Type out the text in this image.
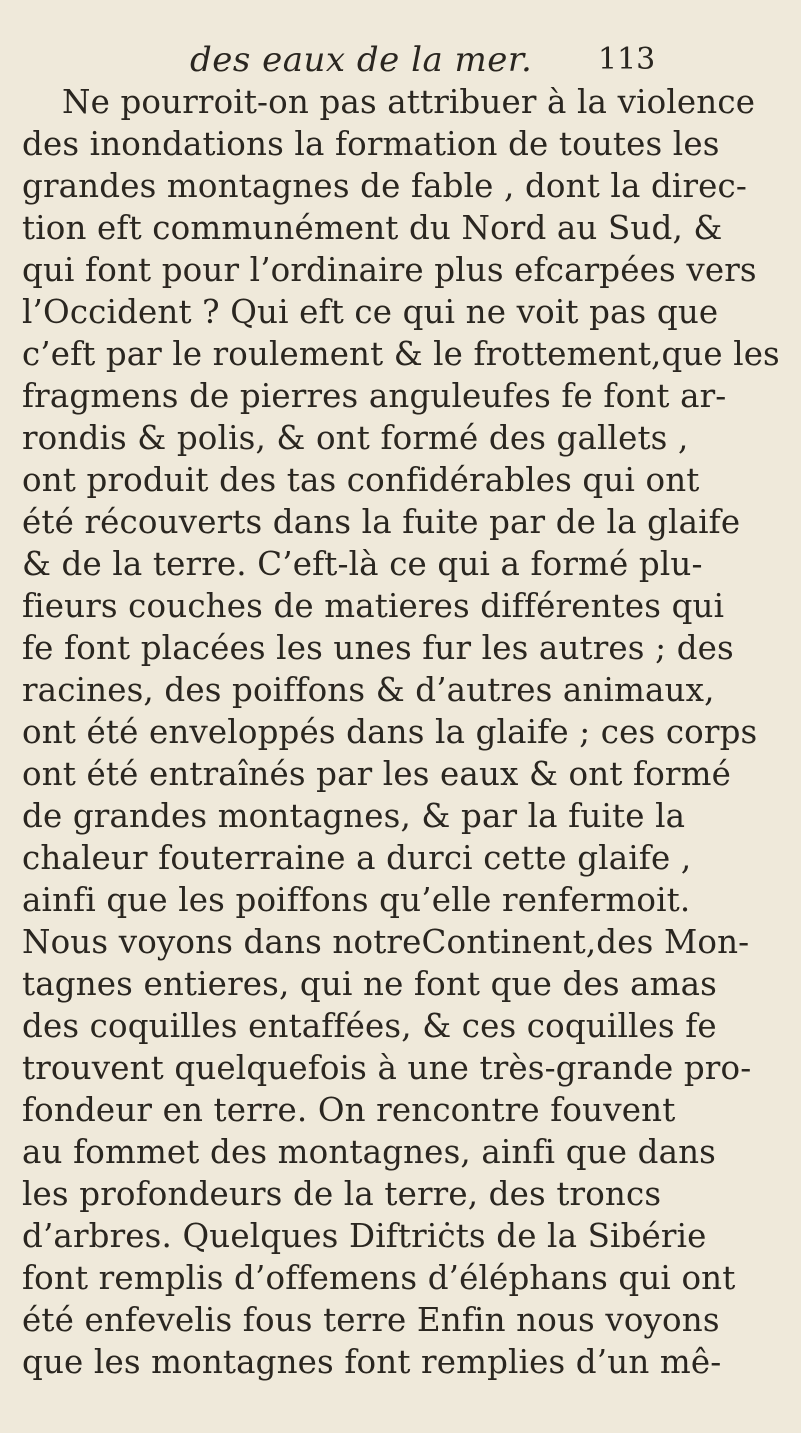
des eaux de la mer. 113
Ne pourroit-on pas attribuer à la violence
des inondations la formation de toutes les
grandes montagnes de fable , dont la direc-
tion eft communément du Nord au Sud, &
qui font pour l’ordinaire plus efcarpées vers
l’Occident ? Qui eft ce qui ne voit pas que
c’eft par le roulement & le frottement,que les
fragmens de pierres anguleufes fe font ar-
rondis & polis, & ont formé des gallets ,
ont produit des tas confidérables qui ont
été récouverts dans la fuite par de la glaife
& de la terre. C’eft-là ce qui a formé plu-
fieurs couches de matieres différentes qui
fe font placées les unes fur les autres ; des
racines, des poiffons & d’autres animaux,
ont été enveloppés dans la glaife ; ces corps
ont été entraînés par les eaux & ont formé
de grandes montagnes, & par la fuite la
chaleur fouterraine a durci cette glaife ,
ainfi que les poiffons qu’elle renfermoit.
Nous voyons dans notreContinent,des Mon-
tagnes entieres, qui ne font que des amas
des coquilles entaffées, & ces coquilles fe
trouvent quelquefois à une très-grande pro-
fondeur en terre. On rencontre fouvent
au fommet des montagnes, ainfi que dans
les profondeurs de la terre, des troncs
d’arbres. Quelques Diftriċts de la Sibérie
font remplis d’offemens d’éléphans qui ont
été enfevelis fous terre Enfin nous voyons
que les montagnes font remplies d’un mê-
